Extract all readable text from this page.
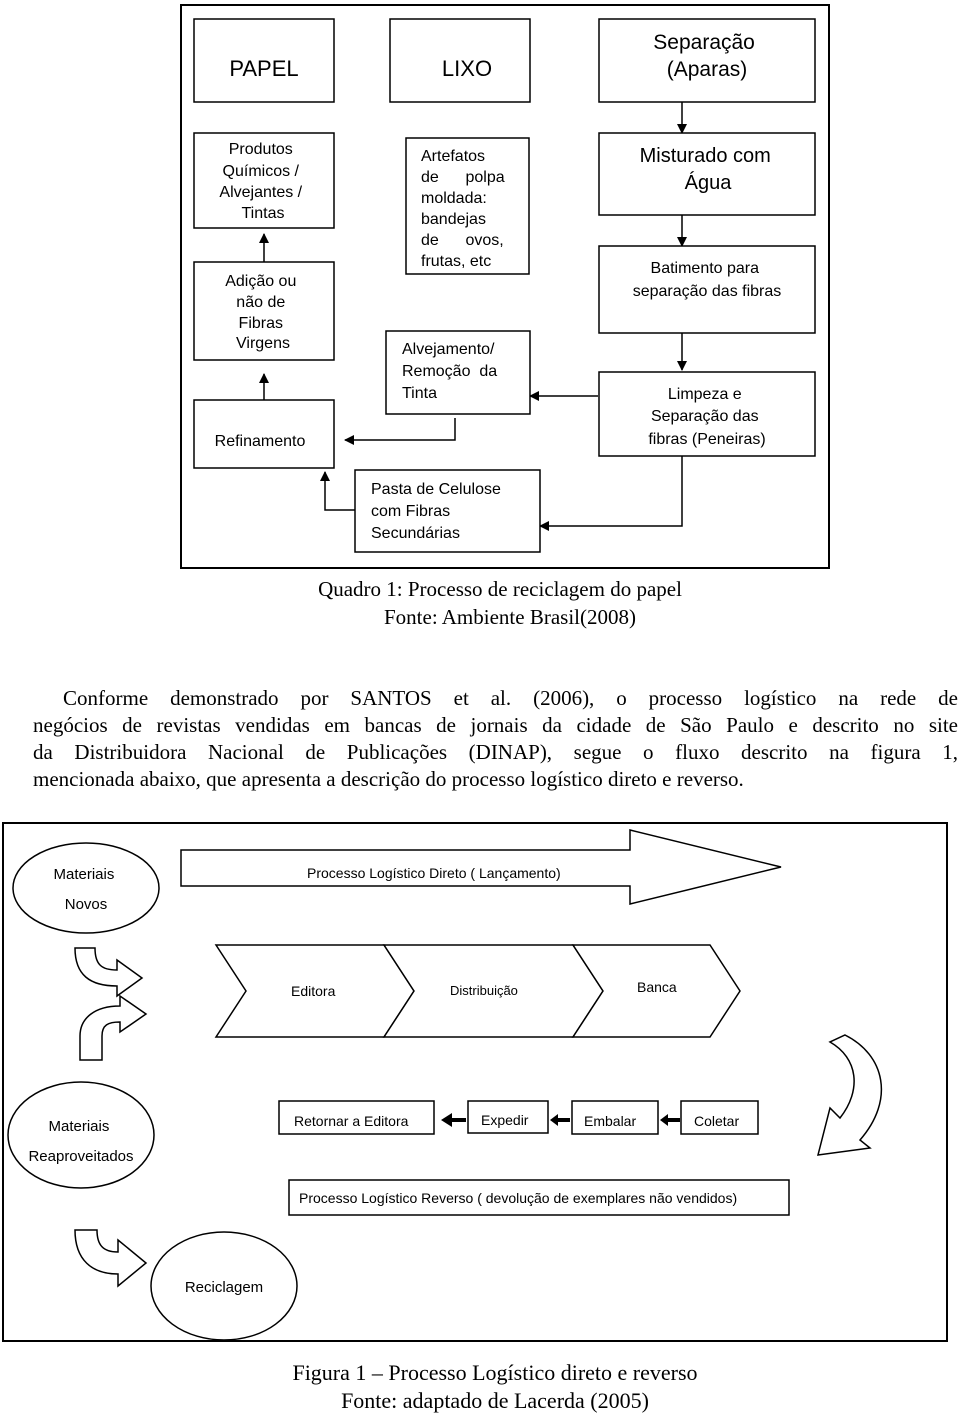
PAPEL	LIXO
Separação (Aparas)
Produtos Químicos / Alvejantes / Tintas
Artefatos de      polpa moldada: bandejas de      ovos, frutas, etc
Misturado com Água
Batimento para separação das fibras
Adição ou não de Fibras Virgens	Alvejamento/ Remoção  da Tinta	Limpeza e Separação das fibras (Peneiras)
Refinamento
Pasta de Celulose com Fibras Secundárias
Quadro 1: Processo de reciclagem do papel
Fonte: Ambiente Brasil(2008)
Conforme demonstrado por SANTOS et al. (2006), o processo logístico na rede de
negócios de revistas vendidas em bancas de jornais da cidade de São Paulo e descrito no site
da Distribuidora Nacional de Publicações (DINAP), segue o fluxo descrito na figura 1,
mencionada abaixo, que apresenta a descrição do processo logístico direto e reverso.
Materiais Novos
Processo Logístico Direto ( Lançamento)
Editora	Distribuição	Banca
Materiais Reaproveitados
Retornar a Editora	Expedir	Embalar	Coletar
Processo Logístico Reverso ( devolução de exemplares não vendidos)
Reciclagem
Figura 1 – Processo Logístico direto e reverso
Fonte: adaptado de Lacerda (2005)
